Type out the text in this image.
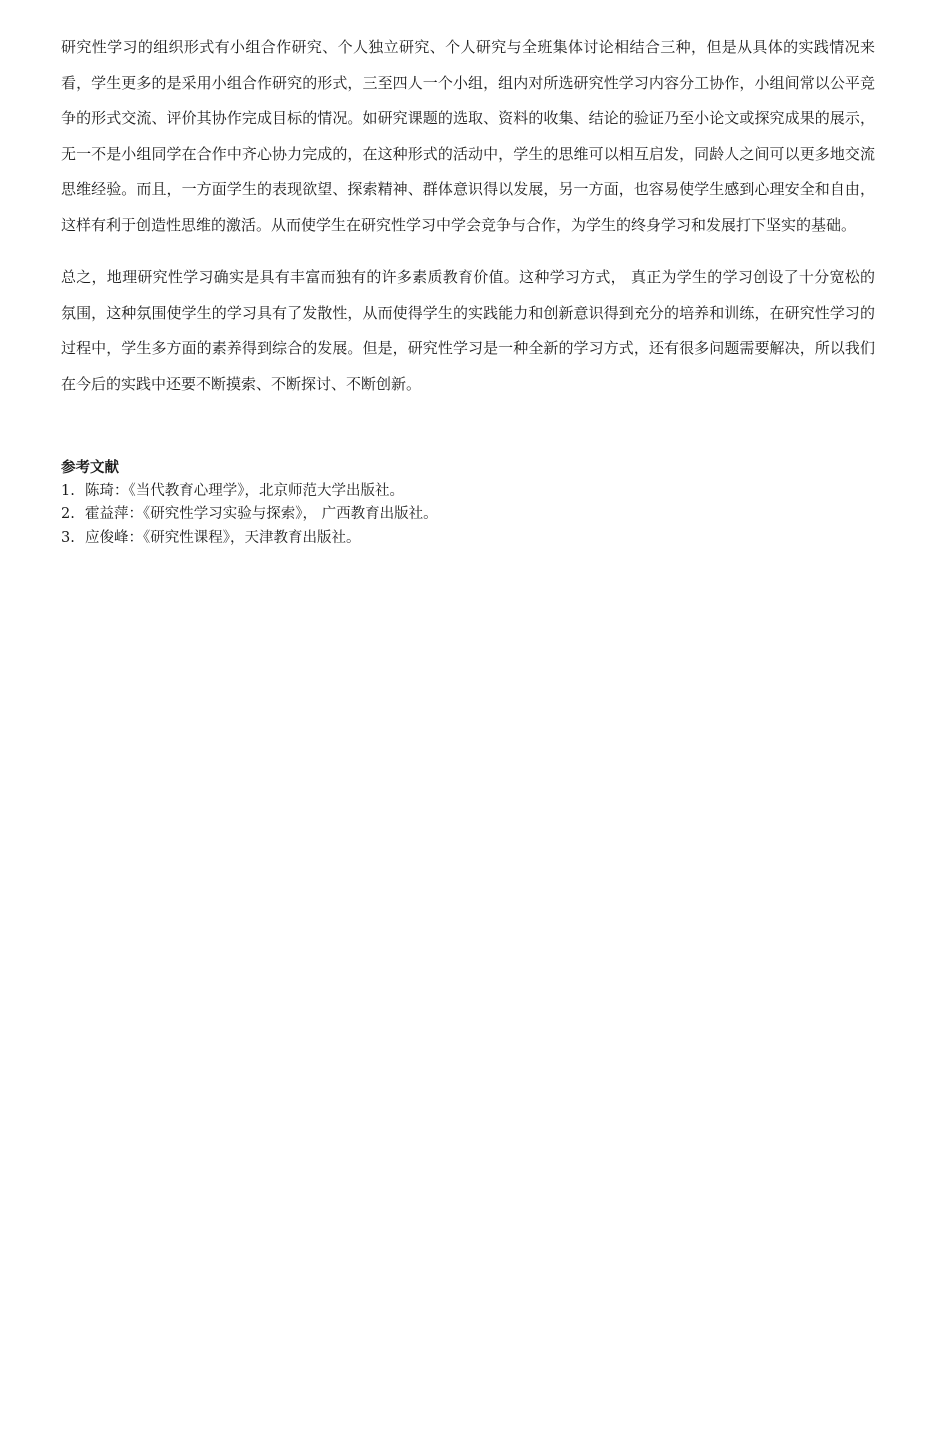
研究性学习的组织形式有小组合作研究、个人独立研究、个人研究与全班集体讨论相结合三种，但是从具体的实践情况来看，学生更多的是采用小组合作研究的形式，三至四人一个小组，组内对所选研究性学习内容分工协作，小组间常以公平竞争的形式交流、评价其协作完成目标的情况。如研究课题的选取、资料的收集、结论的验证乃至小论文或探究成果的展示，无一不是小组同学在合作中齐心协力完成的，在这种形式的活动中，学生的思维可以相互启发，同龄人之间可以更多地交流思维经验。而且，一方面学生的表现欲望、探索精神、群体意识得以发展，另一方面，也容易使学生感到心理安全和自由，这样有利于创造性思维的激活。从而使学生在研究性学习中学会竞争与合作，为学生的终身学习和发展打下坚实的基础。

总之，地理研究性学习确实是具有丰富而独有的许多素质教育价值。这种学习方式， 真正为学生的学习创设了十分宽松的氛围，这种氛围使学生的学习具有了发散性，从而使得学生的实践能力和创新意识得到充分的培养和训练，在研究性学习的过程中，学生多方面的素养得到综合的发展。但是，研究性学习是一种全新的学习方式，还有很多问题需要解决，所以我们在今后的实践中还要不断摸索、不断探讨、不断创新。

参考文献

1. 陈琦：《当代教育心理学》，北京师范大学出版社。

2. 霍益萍：《研究性学习实验与探索》， 广西教育出版社。

3. 应俊峰：《研究性课程》，天津教育出版社。
